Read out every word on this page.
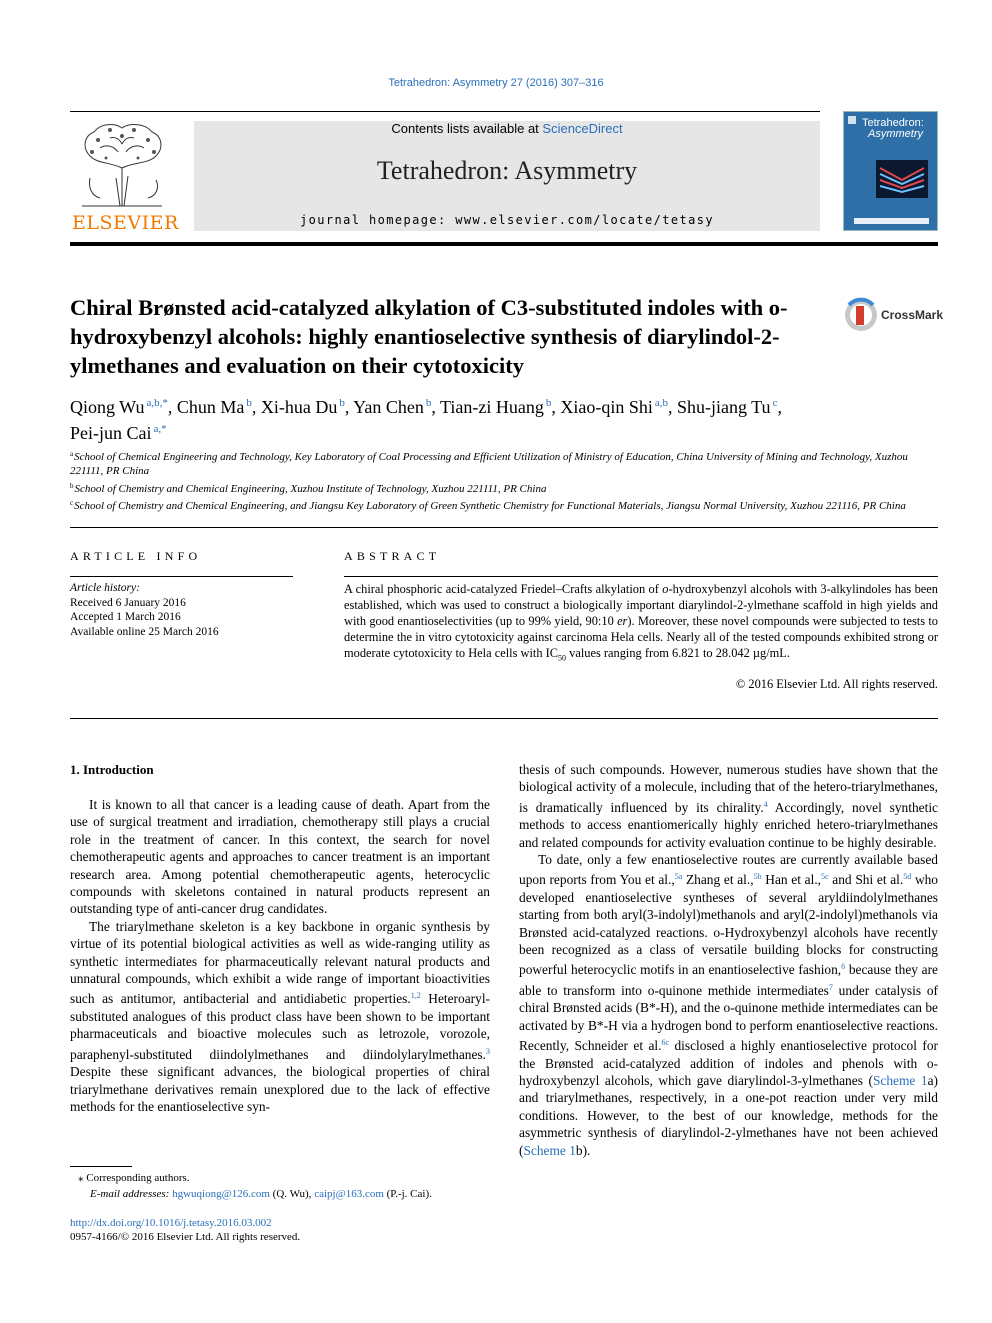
Tetrahedron: Asymmetry 27 (2016) 307–316
ELSEVIER
Contents lists available at ScienceDirect
Tetrahedron: Asymmetry
journal homepage: www.elsevier.com/locate/tetasy
Tetrahedron:
Asymmetry
Chiral Brønsted acid-catalyzed alkylation of C3-substituted indoles with o-hydroxybenzyl alcohols: highly enantioselective synthesis of diarylindol-2-ylmethanes and evaluation on their cytotoxicity
CrossMark
Qiong Wu $^{a,b,*}$, Chun Ma $^b$, Xi-hua Du $^b$, Yan Chen $^b$, Tian-zi Huang $^b$, Xiao-qin Shi $^{a,b}$, Shu-jiang Tu $^c$,
Pei-jun Cai $^{a,*}$
$^a$School of Chemical Engineering and Technology, Key Laboratory of Coal Processing and Efficient Utilization of Ministry of Education, China University of Mining and Technology, Xuzhou 221111, PR China
$^b$School of Chemistry and Chemical Engineering, Xuzhou Institute of Technology, Xuzhou 221111, PR China
$^c$School of Chemistry and Chemical Engineering, and Jiangsu Key Laboratory of Green Synthetic Chemistry for Functional Materials, Jiangsu Normal University, Xuzhou 221116, PR China
ARTICLE INFO
Article history:
Received 6 January 2016
Accepted 1 March 2016
Available online 25 March 2016
ABSTRACT
A chiral phosphoric acid-catalyzed Friedel–Crafts alkylation of o-hydroxybenzyl alcohols with 3-alkylindoles has been established, which was used to construct a biologically important diarylindol-2-ylmethane scaffold in high yields and with good enantioselectivities (up to 99% yield, 90:10 er). Moreover, these novel compounds were subjected to tests to determine the in vitro cytotoxicity against carcinoma Hela cells. Nearly all of the tested compounds exhibited strong or moderate cytotoxicity to Hela cells with $IC_{50}$ values ranging from 6.821 to 28.042 µg/mL.
© 2016 Elsevier Ltd. All rights reserved.
1. Introduction

It is known to all that cancer is a leading cause of death. Apart from the use of surgical treatment and irradiation, chemotherapy still plays a crucial role in the treatment of cancer. In this context, the search for novel chemotherapeutic agents and approaches to cancer treatment is an important research area. Among potential chemotherapeutic agents, heterocyclic compounds with skeletons contained in natural products represent an outstanding type of anti-cancer drug candidates.

The triarylmethane skeleton is a key backbone in organic synthesis by virtue of its potential biological activities as well as wide-ranging utility as synthetic intermediates for pharmaceutically relevant natural products and unnatural compounds, which exhibit a wide range of important bioactivities such as antitumor, antibacterial and antidiabetic properties.$^{1,2}$ Heteroaryl-substituted analogues of this product class have been shown to be important pharmaceuticals and bioactive molecules such as letrozole, vorozole, paraphenyl-substituted diindolylmethanes and diindolylarylmethanes.$^3$ Despite these significant advances, the biological properties of chiral triarylmethane derivatives remain unexplored due to the lack of effective methods for the enantioselective syn-

thesis of such compounds. However, numerous studies have shown that the biological activity of a molecule, including that of the hetero-triarylmethanes, is dramatically influenced by its chirality.$^4$ Accordingly, novel synthetic methods to access enantiomerically highly enriched hetero-triarylmethanes and related compounds for activity evaluation continue to be highly desirable.

To date, only a few enantioselective routes are currently available based upon reports from You et al.,$^{5a}$ Zhang et al.,$^{5b}$ Han et al.,$^{5c}$ and Shi et al.$^{5d}$ who developed enantioselective syntheses of several aryldiindolylmethanes starting from both aryl(3-indolyl)methanols and aryl(2-indolyl)methanols via Brønsted acid-catalyzed reactions. o-Hydroxybenzyl alcohols have recently been recognized as a class of versatile building blocks for constructing powerful heterocyclic motifs in an enantioselective fashion,$^6$ because they are able to transform into o-quinone methide intermediates$^7$ under catalysis of chiral Brønsted acids (B*-H), and the o-quinone methide intermediates can be activated by B*-H via a hydrogen bond to perform enantioselective reactions. Recently, Schneider et al.$^{6c}$ disclosed a highly enantioselective protocol for the Brønsted acid-catalyzed addition of indoles and phenols with o-hydroxybenzyl alcohols, which gave diarylindol-3-ylmethanes (Scheme 1a) and triarylmethanes, respectively, in a one-pot reaction under very mild conditions. However, to the best of our knowledge, methods for the asymmetric synthesis of diarylindol-2-ylmethanes have not been achieved (Scheme 1b).

⁎ Corresponding authors.
E-mail addresses: hgwuqiong@126.com (Q. Wu), caipj@163.com (P.-j. Cai).
http://dx.doi.org/10.1016/j.tetasy.2016.03.002
0957-4166/© 2016 Elsevier Ltd. All rights reserved.
